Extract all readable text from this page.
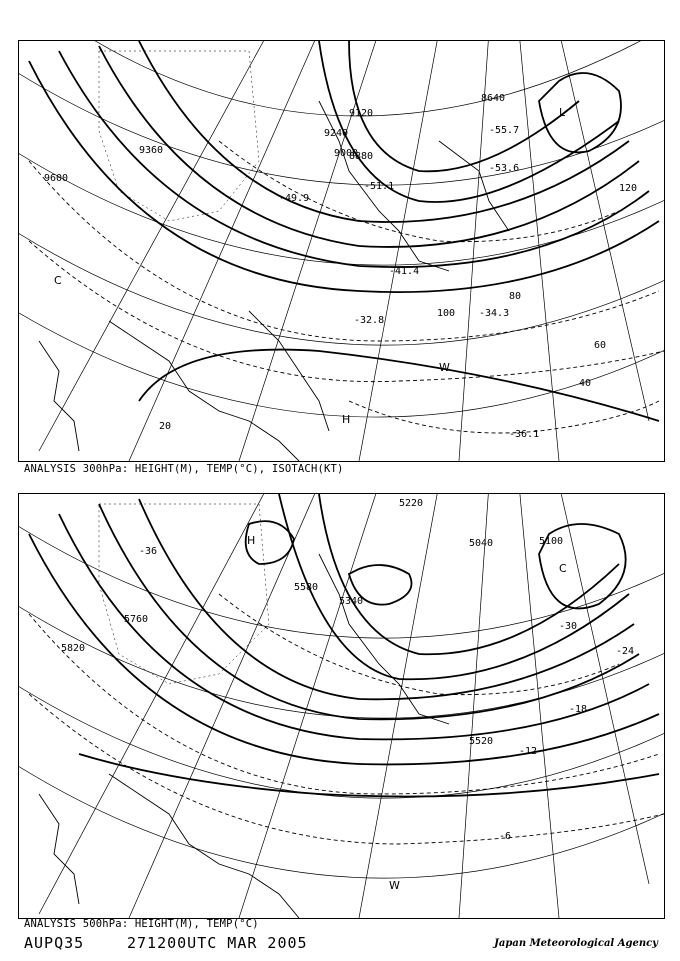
9600
9360
9240
9120
9000
8880
8640
20
40
60
80
100
120
-55.7
-53.6
-51.1
-49.9
-41.4
-36.1
-34.3
-32.8
H
L
C
W
ANALYSIS 300hPa: HEIGHT(M), TEMP(°C), ISOTACH(KT)
5820
5760
5580
5340
5220
5100
5040
5520
-12
-18
-24
-30
-36
-6
H
C
W
ANALYSIS 500hPa: HEIGHT(M), TEMP(°C)
AUPQ35	271200UTC MAR 2005	Japan Meteorological Agency
